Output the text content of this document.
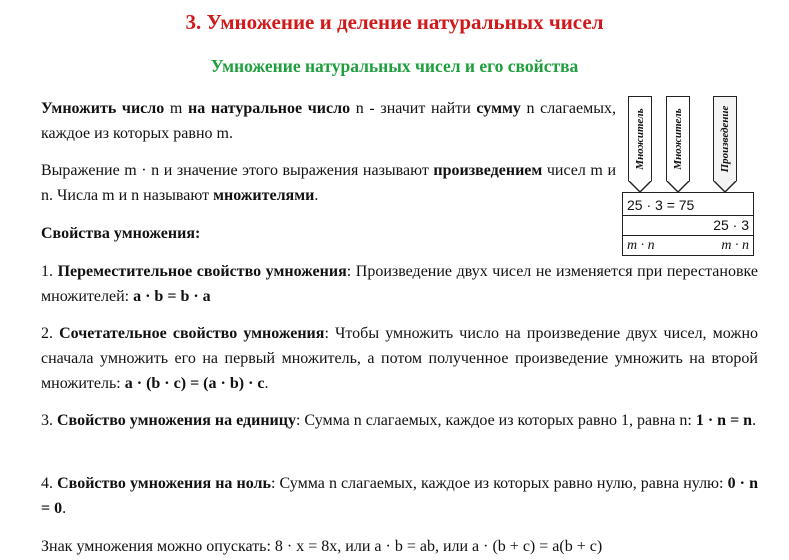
3. Умножение и деление натуральных чисел
Умножение натуральных чисел и его свойства

Умножить число m на натуральное число n - значит найти сумму n слагаемых, каждое из которых равно m.

Выражение m · n и значение этого выражения называют произведением чисел m и n. Числа m и n называют множителями.

Свойства умножения:

1. Переместительное свойство умножения: Произведение двух чисел не изменяется при перестановке множителей: a · b = b · a

2. Сочетательное свойство умножения: Чтобы умножить число на произведение двух чисел, можно сначала умножить его на первый множитель, а потом полученное произведение умножить на второй множитель: a · (b · c) = (a · b) · c.

3. Свойство умножения на единицу: Сумма n слагаемых, каждое из которых равно 1, равна n: 1 · n = n.

4. Свойство умножения на ноль: Сумма n слагаемых, каждое из которых равно нулю, равна нулю: 0 · n = 0.

Знак умножения можно опускать: 8 · x = 8x, или a · b = ab, или a · (b + c) = a(b + c)

Множитель Множитель	Произведение
25 · 3 = 75
25 · 3
m · n	m · n
